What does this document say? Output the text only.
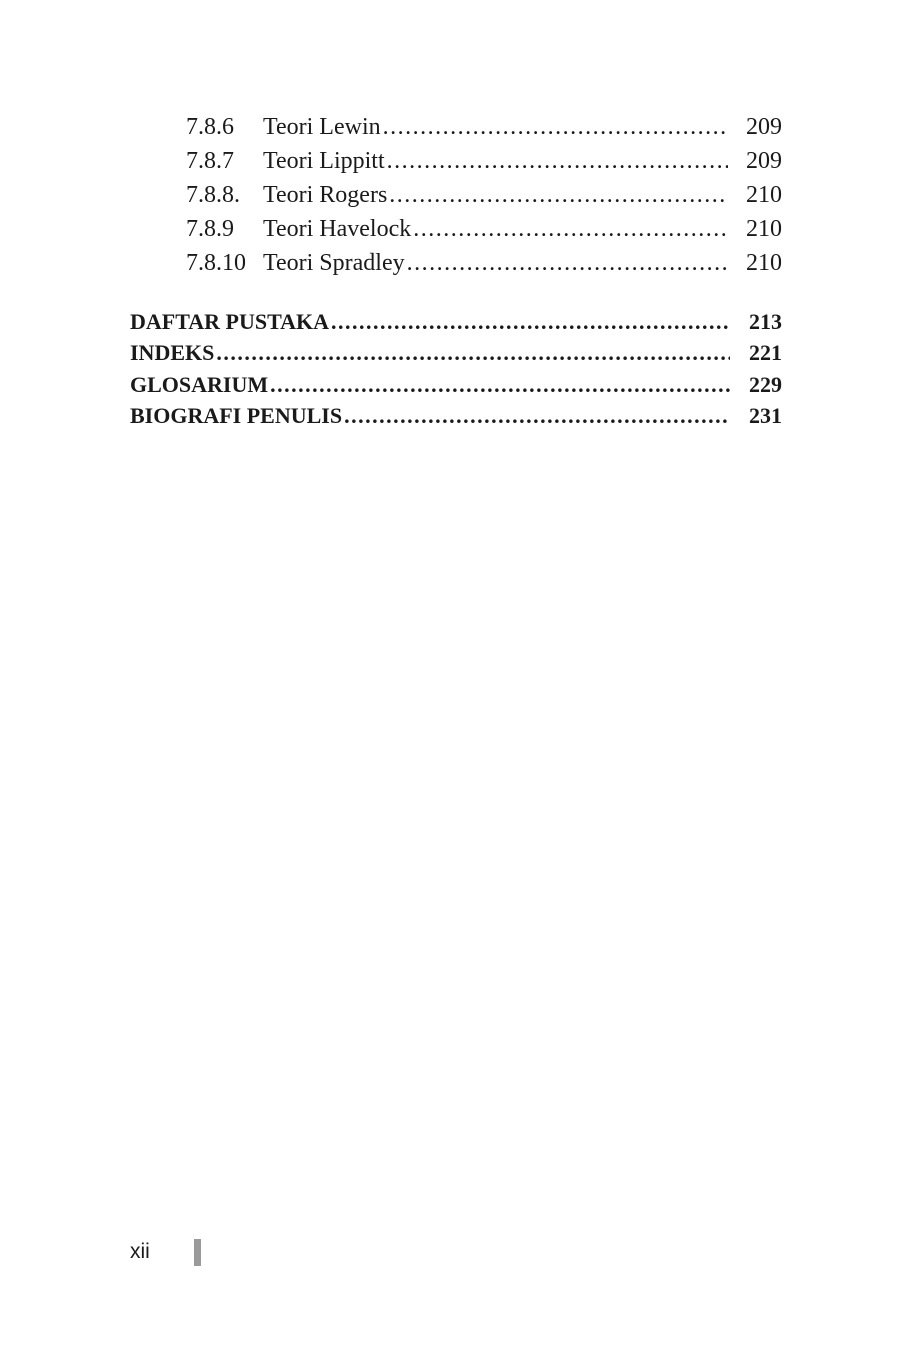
7.8.6	Teori Lewin .....	209
7.8.7	Teori Lippitt .....	209
7.8.8. Teori Rogers .....	210
7.8.9	Teori Havelock .....	210
7.8.10 Teori Spradley .....	210
DAFTAR PUSTAKA .....	213
INDEKS .....	221
GLOSARIUM .....	229
BIOGRAFI PENULIS .....	231
xii
